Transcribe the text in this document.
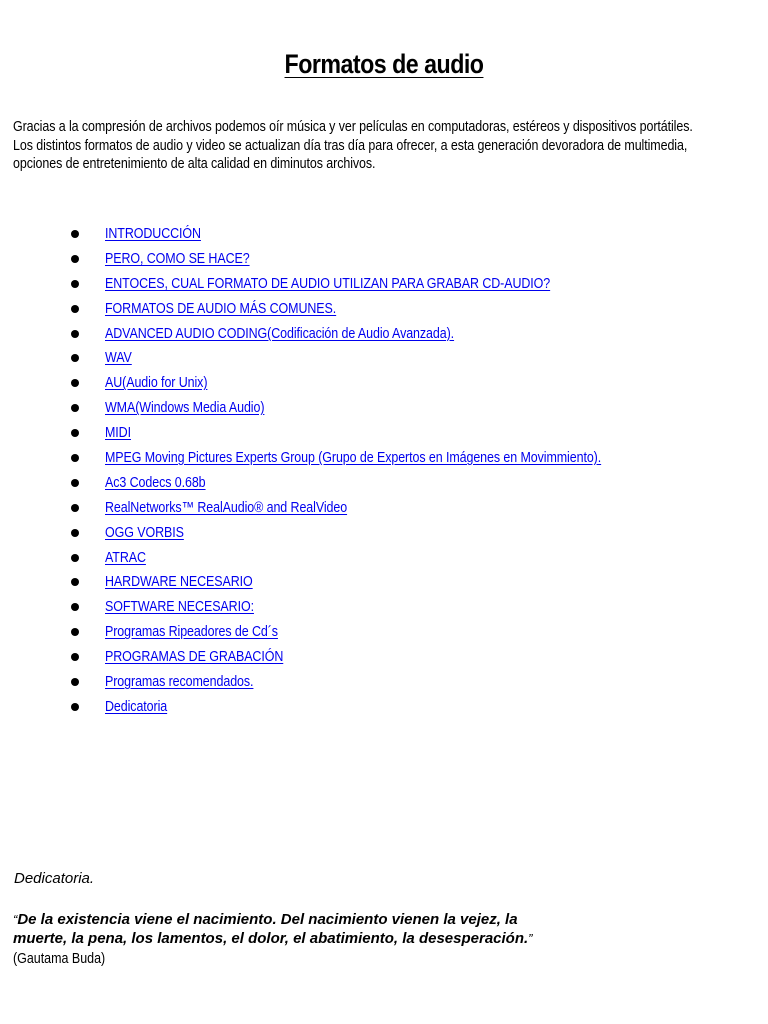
Formatos de audio

Gracias a la compresión de archivos podemos oír música y ver películas en computadoras, estéreos y dispositivos portátiles.

Los distintos formatos de audio y video se actualizan día tras día para ofrecer, a esta generación devoradora de multimedia,

opciones de entretenimiento de alta calidad en diminutos archivos.

INTRODUCCIÓN
PERO, COMO SE HACE?
ENTOCES, CUAL FORMATO DE AUDIO UTILIZAN PARA GRABAR CD-AUDIO?
FORMATOS DE AUDIO MÁS COMUNES.
ADVANCED AUDIO CODING(Codificación de Audio Avanzada).
WAV
AU(Audio for Unix)
WMA(Windows Media Audio)
MIDI
MPEG Moving Pictures Experts Group (Grupo de Expertos en Imágenes en Movimmiento).
Ac3 Codecs 0.68b
RealNetworks™ RealAudio® and RealVideo
OGG VORBIS
ATRAC
HARDWARE NECESARIO
SOFTWARE NECESARIO:
Programas Ripeadores de Cd´s
PROGRAMAS DE GRABACIÓN
Programas recomendados.
Dedicatoria
Dedicatoria.
“De la existencia viene el nacimiento. Del nacimiento vienen la vejez, la
muerte, la pena, los lamentos, el dolor, el abatimiento, la desesperación.”
(Gautama Buda)
